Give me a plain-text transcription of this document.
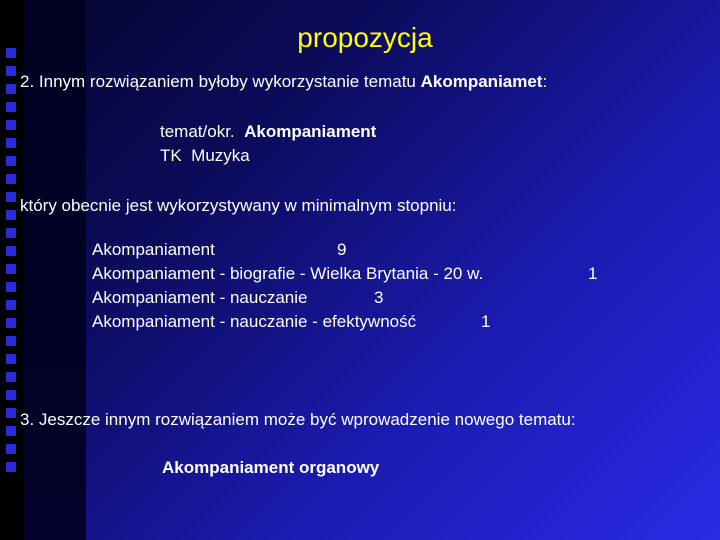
propozycja
2. Innym rozwiązaniem byłoby wykorzystanie tematu Akompaniamet:
temat/okr.  Akompaniament
TK  Muzyka
który obecnie jest wykorzystywany w minimalnym stopniu:
Akompaniament	9
Akompaniament - biografie - Wielka Brytania - 20 w.	1
Akompaniament - nauczanie	3
Akompaniament - nauczanie - efektywność	1
3. Jeszcze innym rozwiązaniem może być wprowadzenie nowego tematu:
Akompaniament organowy
